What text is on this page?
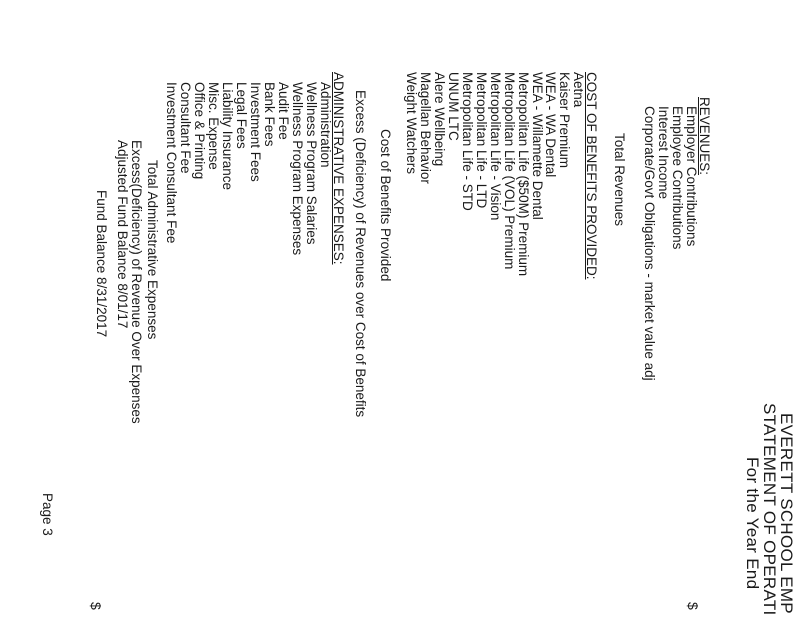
EVERETT SCHOOL EMP
STATEMENT OF OPERATI
For the Year End
REVENUES:
Employer Contributions
Employee Contributions
Interest Income
Corporate/Govt Obligations - market value adj
Total Revenues
COST OF BENEFITS PROVIDED:
Aetna
Kaiser Premium
WEA - WA Dental
WEA - Willamette Dental
Metropolitan Life ($50M) Premium
Metropolitan Life (VOL) Premium
Metropolitan Life - Vision
Metropolitan Life - LTD
Metropolitan Life - STD
UNUM LTC
Alere Wellbeing
Magellan Behavior
Weight Watchers
Cost of Benefits Provided
Excess (Deficiency) of Revenues over Cost of Benefits
ADMINISTRATIVE EXPENSES:
Administration
Wellness Program Salaries
Wellness Program Expenses
Audit Fee
Bank Fees
Investment Fees
Legal Fees
Liability Insurance
Misc. Expense
Office & Printing
Consultant Fee
Investment Consultant Fee
Total Administrative Expenses
Excess(Deficiency) of Revenue Over Expenses
Adjusted Fund Balance 8/01/17
Fund Balance 8/31/2017
Page 3
$	$
